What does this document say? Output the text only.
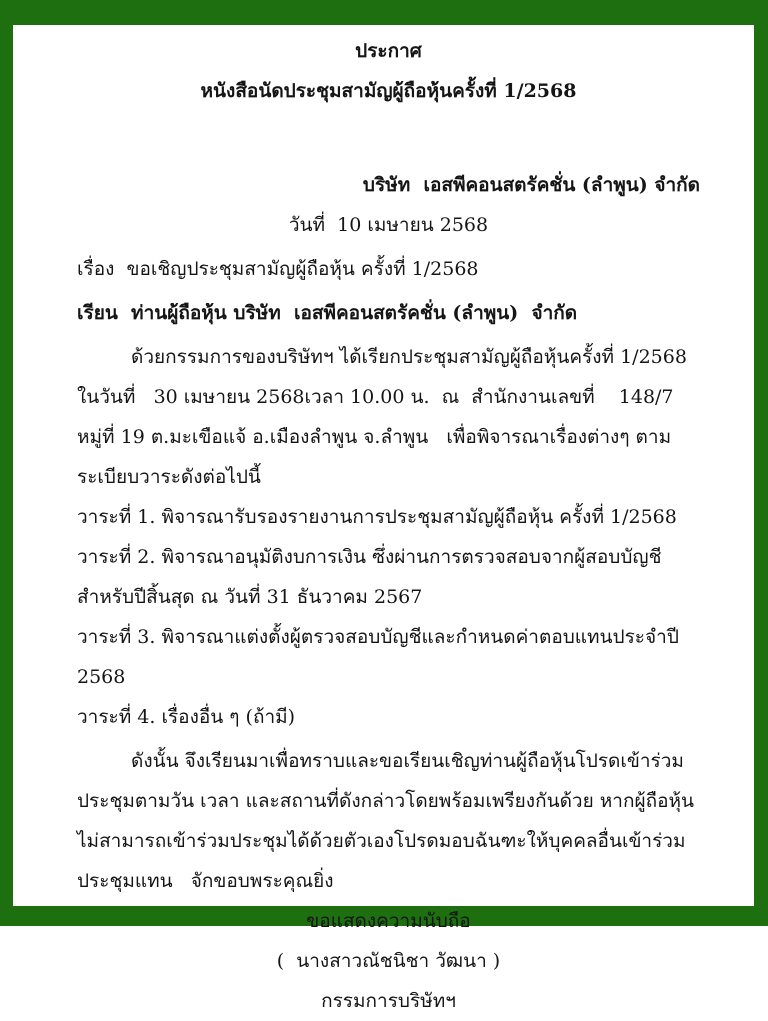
ประกาศ
หนังสือนัดประชุมสามัญผู้ถือหุ้นครั้งที่ 1/2568
บริษัท  เอสพีคอนสตรัคชั่น (ลำพูน) จำกัด
วันที่  10 เมษายน 2568
เรื่อง  ขอเชิญประชุมสามัญผู้ถือหุ้น ครั้งที่ 1/2568
เรียน  ท่านผู้ถือหุ้น บริษัท  เอสพีคอนสตรัคชั่น (ลำพูน)  จำกัด
ด้วยกรรมการของบริษัทฯ ได้เรียกประชุมสามัญผู้ถือหุ้นครั้งที่ 1/2568 ในวันที่   30 เมษายน 2568เวลา 10.00 น.  ณ  สำนักงานเลขที่    148/7 หมู่ที่ 19 ต.มะเขือแจ้ อ.เมืองลำพูน จ.ลำพูน   เพื่อพิจารณาเรื่องต่างๆ ตามระเบียบวาระดังต่อไปนี้
วาระที่ 1. พิจารณารับรองรายงานการประชุมสามัญผู้ถือหุ้น ครั้งที่ 1/2568
วาระที่ 2. พิจารณาอนุมัติงบการเงิน ซึ่งผ่านการตรวจสอบจากผู้สอบบัญชีสำหรับปีสิ้นสุด ณ วันที่ 31 ธันวาคม 2567
วาระที่ 3. พิจารณาแต่งตั้งผู้ตรวจสอบบัญชีและกำหนดค่าตอบแทนประจำปี 2568
วาระที่ 4. เรื่องอื่น ๆ (ถ้ามี)
ดังนั้น จึงเรียนมาเพื่อทราบและขอเรียนเชิญท่านผู้ถือหุ้นโปรดเข้าร่วมประชุมตามวัน เวลา และสถานที่ดังกล่าวโดยพร้อมเพรียงกันด้วย หากผู้ถือหุ้นไม่สามารถเข้าร่วมประชุมได้ด้วยตัวเองโปรดมอบฉันฑะให้บุคคลอื่นเข้าร่วมประชุมแทน   จักขอบพระคุณยิ่ง
ขอแสดงความนับถือ
(  นางสาวณัชนิชา วัฒนา )
กรรมการบริษัทฯ
